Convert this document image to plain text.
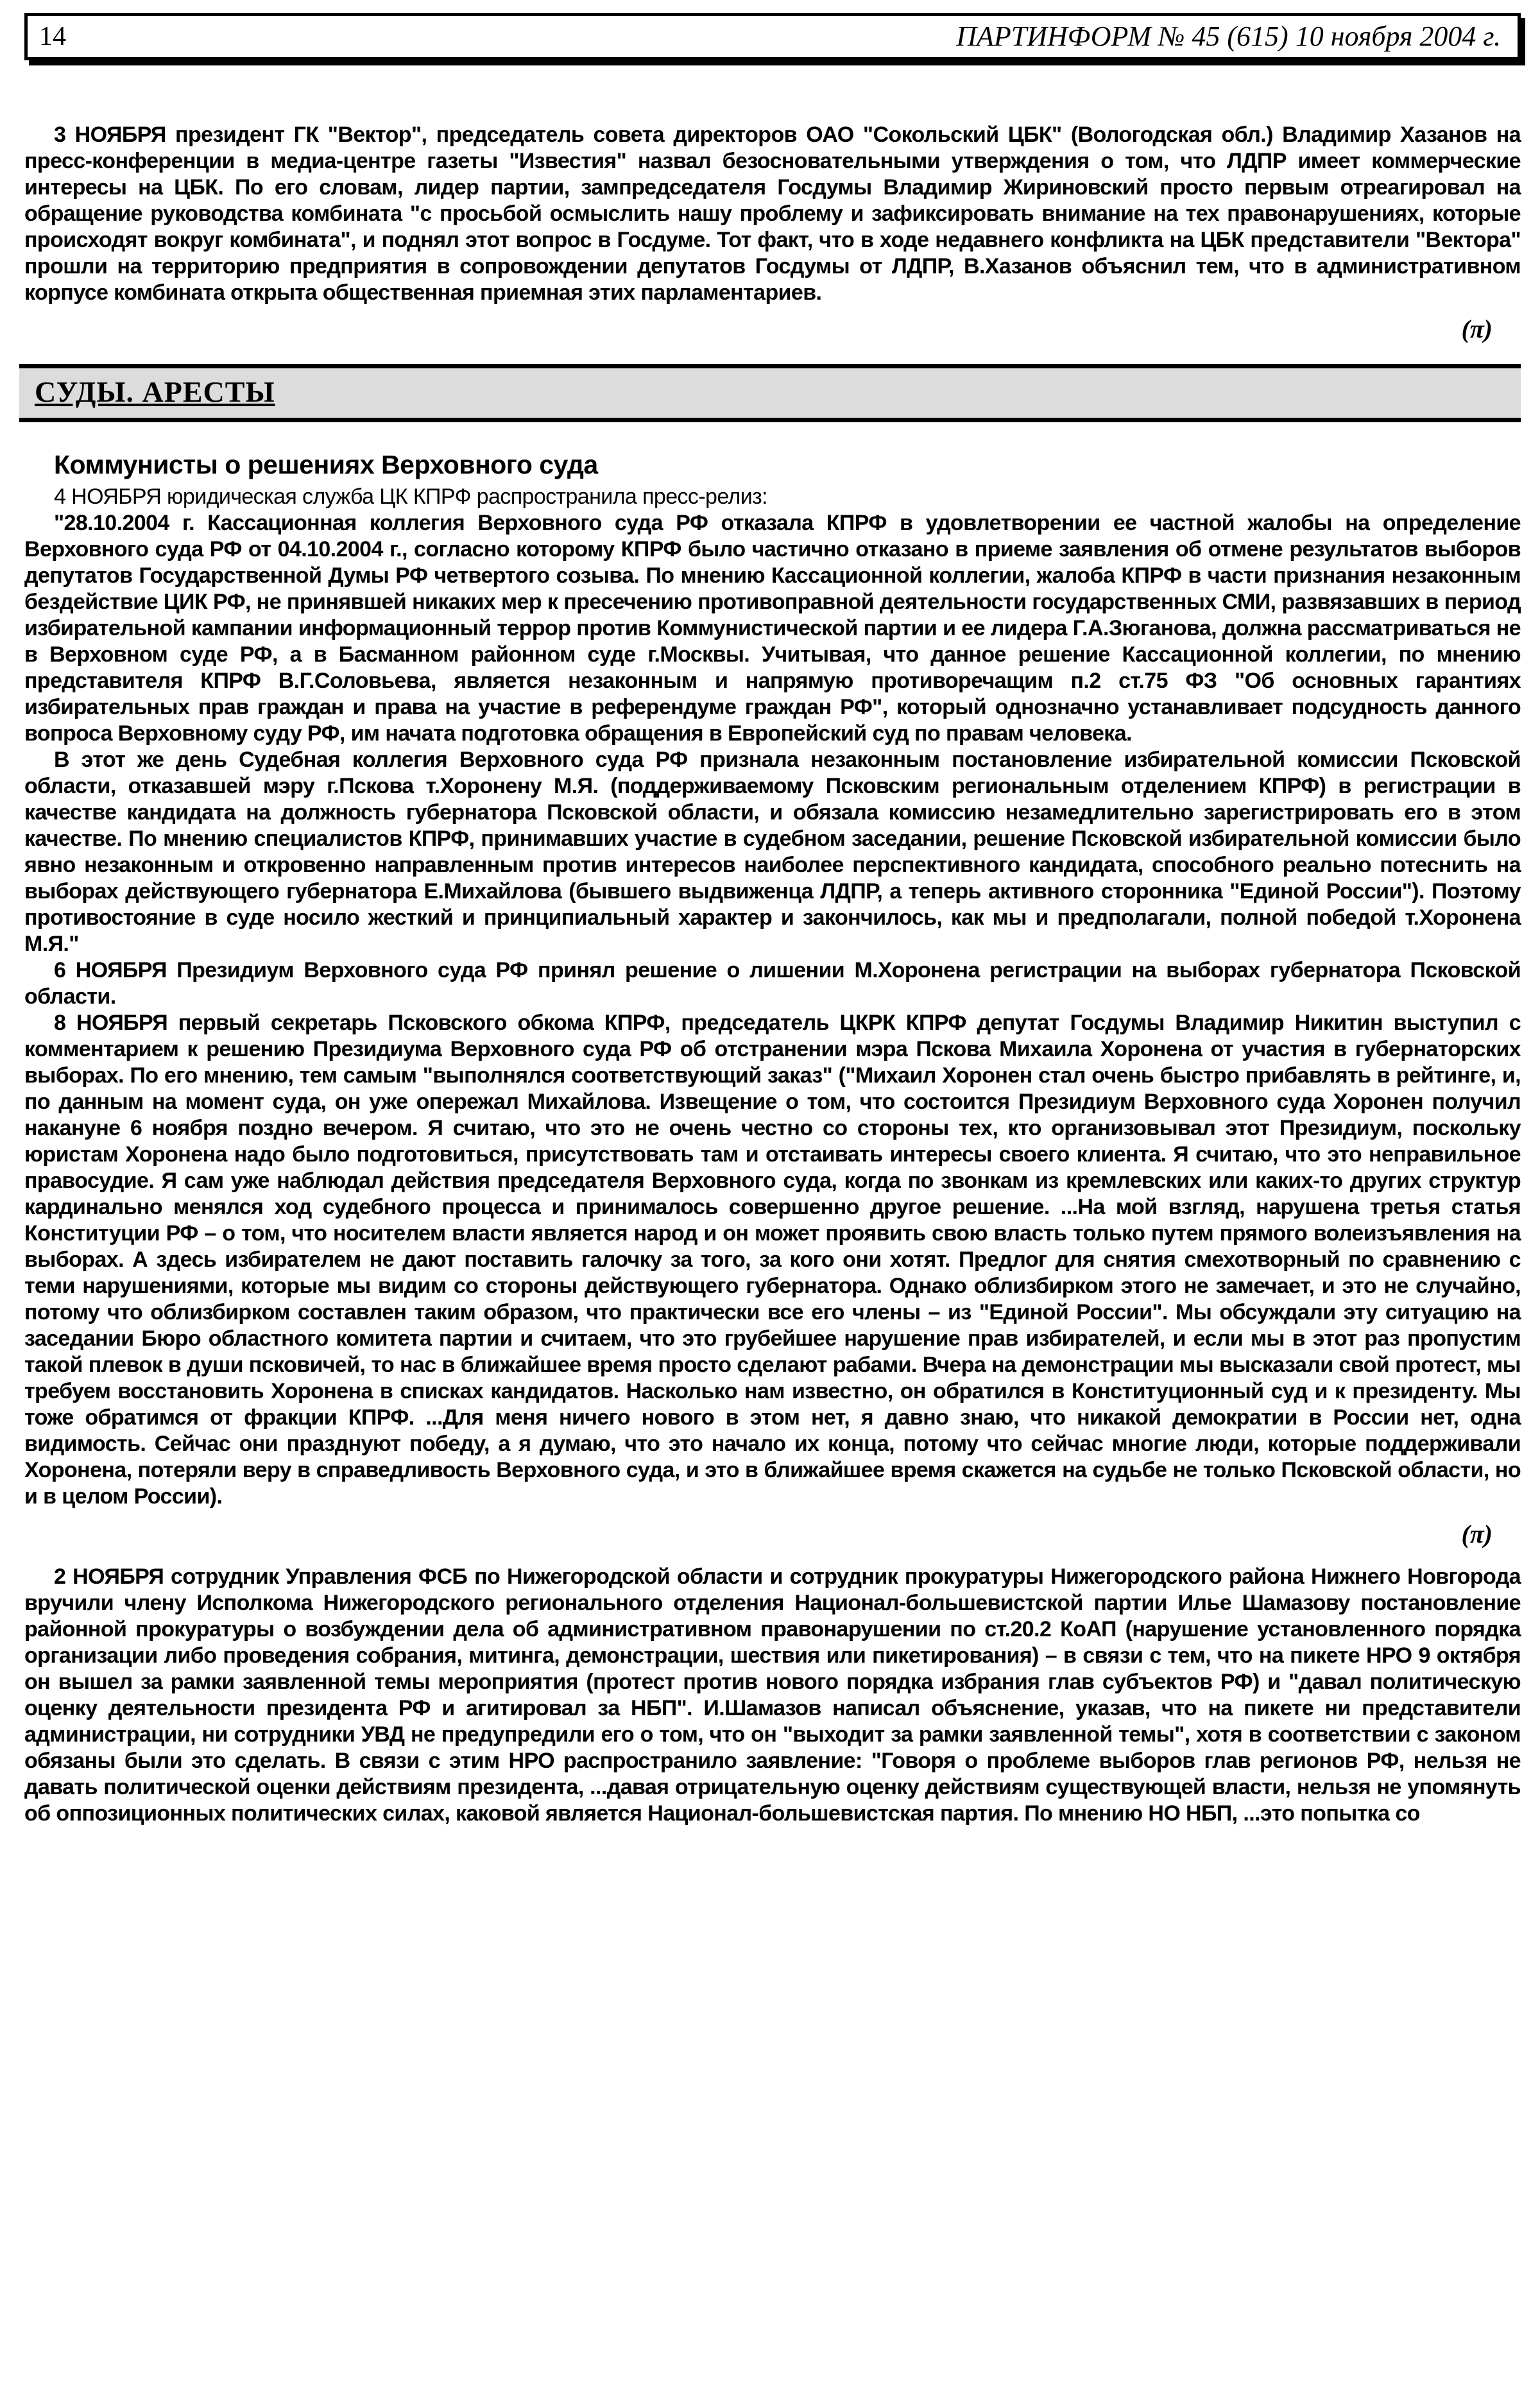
14	ПАРТИНФОРМ № 45 (615) 10 ноября 2004 г.

3 НОЯБРЯ президент ГК "Вектор", председатель совета директоров ОАО "Сокольский ЦБК" (Вологодская обл.) Владимир Хазанов на пресс-конференции в медиа-центре газеты "Известия" назвал безосновательными утверждения о том, что ЛДПР имеет коммерческие интересы на ЦБК. По его словам, лидер партии, зампредседателя Госдумы Владимир Жириновский просто первым отреагировал на обращение руководства комбината "с просьбой осмыслить нашу проблему и зафиксировать внимание на тех правонарушениях, которые происходят вокруг комбината", и поднял этот вопрос в Госдуме. Тот факт, что в ходе недавнего конфликта на ЦБК представители "Вектора" прошли на территорию предприятия в сопровождении депутатов Госдумы от ЛДПР, В.Хазанов объяснил тем, что в административном корпусе комбината открыта общественная приемная этих парламентариев.

(π)
СУДЫ. АРЕСТЫ
Коммунисты о решениях Верховного суда

4 НОЯБРЯ юридическая служба ЦК КПРФ распространила пресс-релиз:

"28.10.2004 г. Кассационная коллегия Верховного суда РФ отказала КПРФ в удовлетворении ее частной жалобы на определение Верховного суда РФ от 04.10.2004 г., согласно которому КПРФ было частично отказано в приеме заявления об отмене результатов выборов депутатов Государственной Думы РФ четвертого созыва. По мнению Кассационной коллегии, жалоба КПРФ в части признания незаконным бездействие ЦИК РФ, не принявшей никаких мер к пресечению противоправной деятельности государственных СМИ, развязавших в период избирательной кампании информационный террор против Коммунистической партии и ее лидера Г.А.Зюганова, должна рассматриваться не в Верховном суде РФ, а в Басманном районном суде г.Москвы. Учитывая, что данное решение Кассационной коллегии, по мнению представителя КПРФ В.Г.Соловьева, является незаконным и напрямую противоречащим п.2 ст.75 ФЗ "Об основных гарантиях избирательных прав граждан и права на участие в референдуме граждан РФ", который однозначно устанавливает подсудность данного вопроса Верховному суду РФ, им начата подготовка обращения в Европейский суд по правам человека.

В этот же день Судебная коллегия Верховного суда РФ признала незаконным постановление избирательной комиссии Псковской области, отказавшей мэру г.Пскова т.Хоронену М.Я. (поддерживаемому Псковским региональным отделением КПРФ) в регистрации в качестве кандидата на должность губернатора Псковской области, и обязала комиссию незамедлительно зарегистрировать его в этом качестве. По мнению специалистов КПРФ, принимавших участие в судебном заседании, решение Псковской избирательной комиссии было явно незаконным и откровенно направленным против интересов наиболее перспективного кандидата, способного реально потеснить на выборах действующего губернатора Е.Михайлова (бывшего выдвиженца ЛДПР, а теперь активного сторонника "Единой России"). Поэтому противостояние в суде носило жесткий и принципиальный характер и закончилось, как мы и предполагали, полной победой т.Хоронена М.Я."

6 НОЯБРЯ Президиум Верховного суда РФ принял решение о лишении М.Хоронена регистрации на выборах губернатора Псковской области.

8 НОЯБРЯ первый секретарь Псковского обкома КПРФ, председатель ЦКРК КПРФ депутат Госдумы Владимир Никитин выступил с комментарием к решению Президиума Верховного суда РФ об отстранении мэра Пскова Михаила Хоронена от участия в губернаторских выборах. По его мнению, тем самым "выполнялся соответствующий заказ" ("Михаил Хоронен стал очень быстро прибавлять в рейтинге, и, по данным на момент суда, он уже опережал Михайлова. Извещение о том, что состоится Президиум Верховного суда Хоронен получил накануне 6 ноября поздно вечером. Я считаю, что это не очень честно со стороны тех, кто организовывал этот Президиум, поскольку юристам Хоронена надо было подготовиться, присутствовать там и отстаивать интересы своего клиента. Я считаю, что это неправильное правосудие. Я сам уже наблюдал действия председателя Верховного суда, когда по звонкам из кремлевских или каких-то других структур кардинально менялся ход судебного процесса и принималось совершенно другое решение. ...На мой взгляд, нарушена третья статья Конституции РФ – о том, что носителем власти является народ и он может проявить свою власть только путем прямого волеизъявления на выборах. А здесь избирателем не дают поставить галочку за того, за кого они хотят. Предлог для снятия смехотворный по сравнению с теми нарушениями, которые мы видим со стороны действующего губернатора. Однако облизбирком этого не замечает, и это не случайно, потому что облизбирком составлен таким образом, что практически все его члены – из "Единой России". Мы обсуждали эту ситуацию на заседании Бюро областного комитета партии и считаем, что это грубейшее нарушение прав избирателей, и если мы в этот раз пропустим такой плевок в души псковичей, то нас в ближайшее время просто сделают рабами. Вчера на демонстрации мы высказали свой протест, мы требуем восстановить Хоронена в списках кандидатов. Насколько нам известно, он обратился в Конституционный суд и к президенту. Мы тоже обратимся от фракции КПРФ. ...Для меня ничего нового в этом нет, я давно знаю, что никакой демократии в России нет, одна видимость. Сейчас они празднуют победу, а я думаю, что это начало их конца, потому что сейчас многие люди, которые поддерживали Хоронена, потеряли веру в справедливость Верховного суда, и это в ближайшее время скажется на судьбе не только Псковской области, но и в целом России).

(π)

2 НОЯБРЯ сотрудник Управления ФСБ по Нижегородской области и сотрудник прокуратуры Нижегородского района Нижнего Новгорода вручили члену Исполкома Нижегородского регионального отделения Национал-большевистской партии Илье Шамазову постановление районной прокуратуры о возбуждении дела об административном правонарушении по ст.20.2 КоАП (нарушение установленного порядка организации либо проведения собрания, митинга, демонстрации, шествия или пикетирования) – в связи с тем, что на пикете НРО 9 октября он вышел за рамки заявленной темы мероприятия (протест против нового порядка избрания глав субъектов РФ) и "давал политическую оценку деятельности президента РФ и агитировал за НБП". И.Шамазов написал объяснение, указав, что на пикете ни представители администрации, ни сотрудники УВД не предупредили его о том, что он "выходит за рамки заявленной темы", хотя в соответствии с законом обязаны были это сделать. В связи с этим НРО распространило заявление: "Говоря о проблеме выборов глав регионов РФ, нельзя не давать политической оценки действиям президента, ...давая отрицательную оценку действиям существующей власти, нельзя не упомянуть об оппозиционных политических силах, каковой является Национал-большевистская партия. По мнению НО НБП, ...это попытка со
